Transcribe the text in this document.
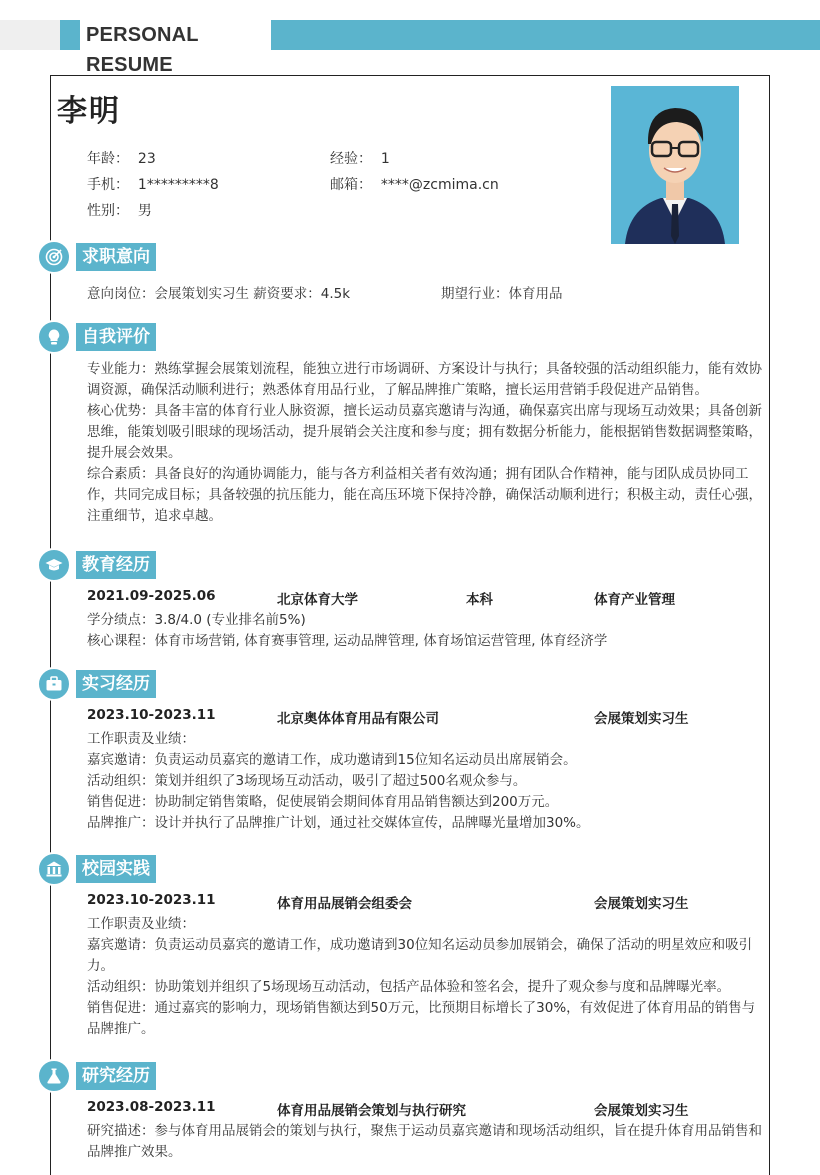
PERSONAL RESUME
李明
年龄： 23	经验： 1
手机： 1*********8	邮箱： ****@zcmima.cn
性别： 男
求职意向
意向岗位：会展策划实习生 薪资要求：4.5k	期望行业：体育用品
自我评价
专业能力：熟练掌握会展策划流程，能独立进行市场调研、方案设计与执行；具备较强的活动组织能力，能有效协调资源，确保活动顺利进行；熟悉体育用品行业，了解品牌推广策略，擅长运用营销手段促进产品销售。
核心优势：具备丰富的体育行业人脉资源，擅长运动员嘉宾邀请与沟通，确保嘉宾出席与现场互动效果；具备创新思维，能策划吸引眼球的现场活动，提升展销会关注度和参与度；拥有数据分析能力，能根据销售数据调整策略，提升展会效果。
综合素质：具备良好的沟通协调能力，能与各方利益相关者有效沟通；拥有团队合作精神，能与团队成员协同工作，共同完成目标；具备较强的抗压能力，能在高压环境下保持冷静，确保活动顺利进行；积极主动，责任心强，注重细节，追求卓越。
教育经历
2021.09-2025.06	北京体育大学	本科	体育产业管理
学分绩点：3.8/4.0 (专业排名前5%)
核心课程：体育市场营销, 体育赛事管理, 运动品牌管理, 体育场馆运营管理, 体育经济学
实习经历
2023.10-2023.11	北京奥体体育用品有限公司	会展策划实习生
工作职责及业绩：
嘉宾邀请：负责运动员嘉宾的邀请工作，成功邀请到15位知名运动员出席展销会。
活动组织：策划并组织了3场现场互动活动，吸引了超过500名观众参与。
销售促进：协助制定销售策略，促使展销会期间体育用品销售额达到200万元。
品牌推广：设计并执行了品牌推广计划，通过社交媒体宣传，品牌曝光量增加30%。
校园实践
2023.10-2023.11	体育用品展销会组委会	会展策划实习生
工作职责及业绩：
嘉宾邀请：负责运动员嘉宾的邀请工作，成功邀请到30位知名运动员参加展销会，确保了活动的明星效应和吸引力。
活动组织：协助策划并组织了5场现场互动活动，包括产品体验和签名会，提升了观众参与度和品牌曝光率。
销售促进：通过嘉宾的影响力，现场销售额达到50万元，比预期目标增长了30%，有效促进了体育用品的销售与品牌推广。
研究经历
2023.08-2023.11	体育用品展销会策划与执行研究	会展策划实习生
研究描述：参与体育用品展销会的策划与执行，聚焦于运动员嘉宾邀请和现场活动组织，旨在提升体育用品销售和品牌推广效果。
